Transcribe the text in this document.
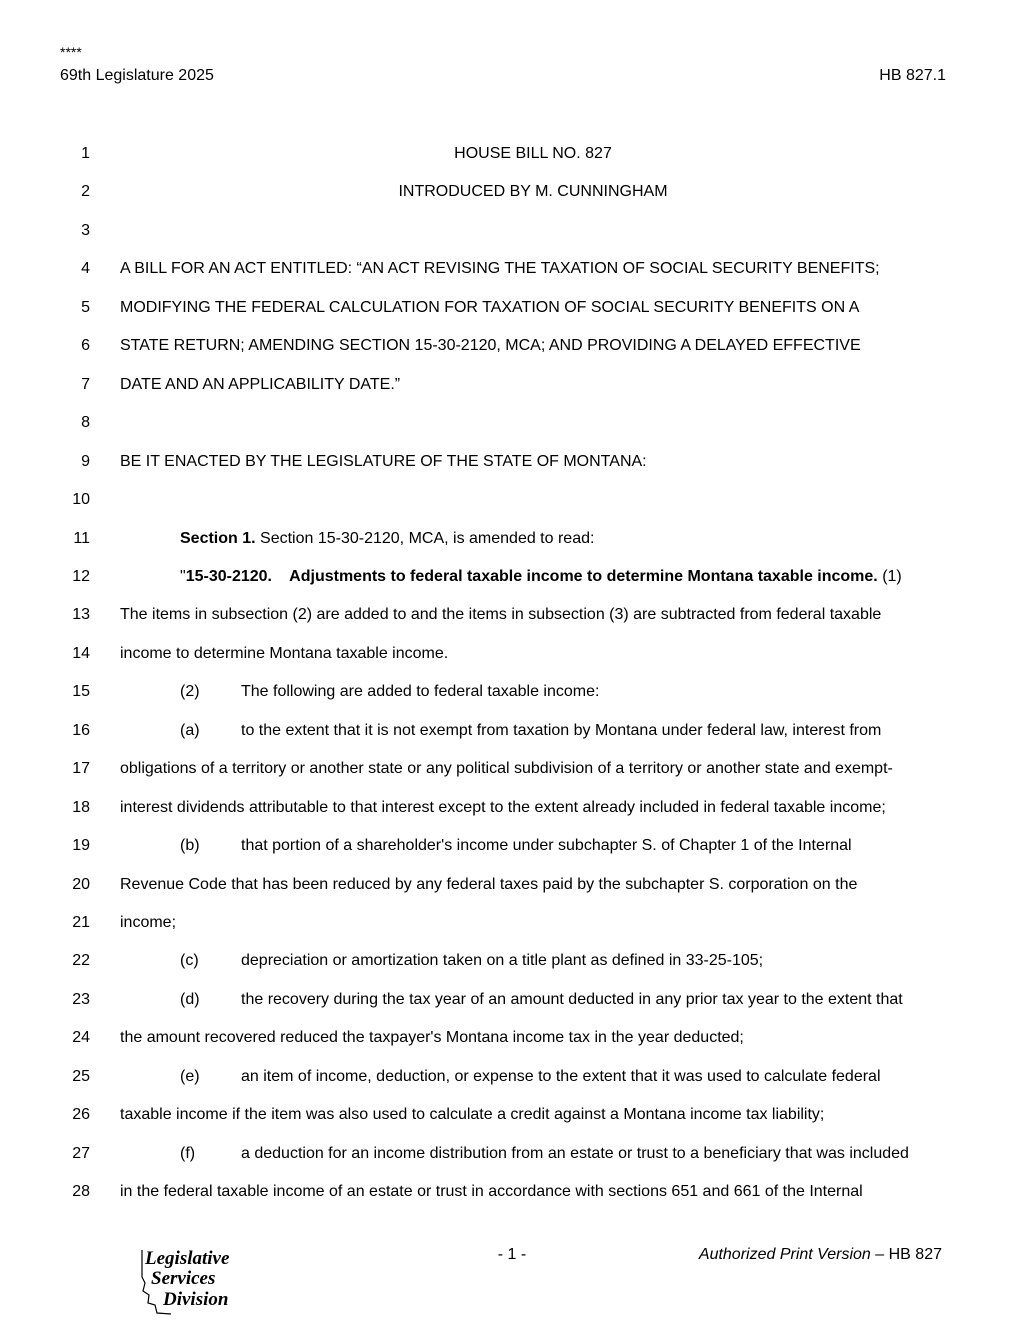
****
69th Legislature 2025	HB 827.1
1	HOUSE BILL NO. 827
2	INTRODUCED BY M. CUNNINGHAM
3
4 A BILL FOR AN ACT ENTITLED: “AN ACT REVISING THE TAXATION OF SOCIAL SECURITY BENEFITS;
5 MODIFYING THE FEDERAL CALCULATION FOR TAXATION OF SOCIAL SECURITY BENEFITS ON A
6 STATE RETURN; AMENDING SECTION 15-30-2120, MCA; AND PROVIDING A DELAYED EFFECTIVE
7 DATE AND AN APPLICABILITY DATE.”
8
9 BE IT ENACTED BY THE LEGISLATURE OF THE STATE OF MONTANA:
10
11	Section 1. Section 15-30-2120, MCA, is amended to read:
12	"15-30-2120.    Adjustments to federal taxable income to determine Montana taxable income. (1)
13 The items in subsection (2) are added to and the items in subsection (3) are subtracted from federal taxable
14 income to determine Montana taxable income.
15	(2)	The following are added to federal taxable income:
16	(a)	to the extent that it is not exempt from taxation by Montana under federal law, interest from
17 obligations of a territory or another state or any political subdivision of a territory or another state and exempt-
18 interest dividends attributable to that interest except to the extent already included in federal taxable income;
19	(b)	that portion of a shareholder's income under subchapter S. of Chapter 1 of the Internal
20 Revenue Code that has been reduced by any federal taxes paid by the subchapter S. corporation on the
21 income;
22	(c)	depreciation or amortization taken on a title plant as defined in 33-25-105;
23	(d)	the recovery during the tax year of an amount deducted in any prior tax year to the extent that
24 the amount recovered reduced the taxpayer's Montana income tax in the year deducted;
25	(e)	an item of income, deduction, or expense to the extent that it was used to calculate federal
26 taxable income if the item was also used to calculate a credit against a Montana income tax liability;
27	(f)	a deduction for an income distribution from an estate or trust to a beneficiary that was included
28 in the federal taxable income of an estate or trust in accordance with sections 651 and 661 of the Internal
- 1 -	Authorized Print Version – HB 827
Legislative
Services
Division
